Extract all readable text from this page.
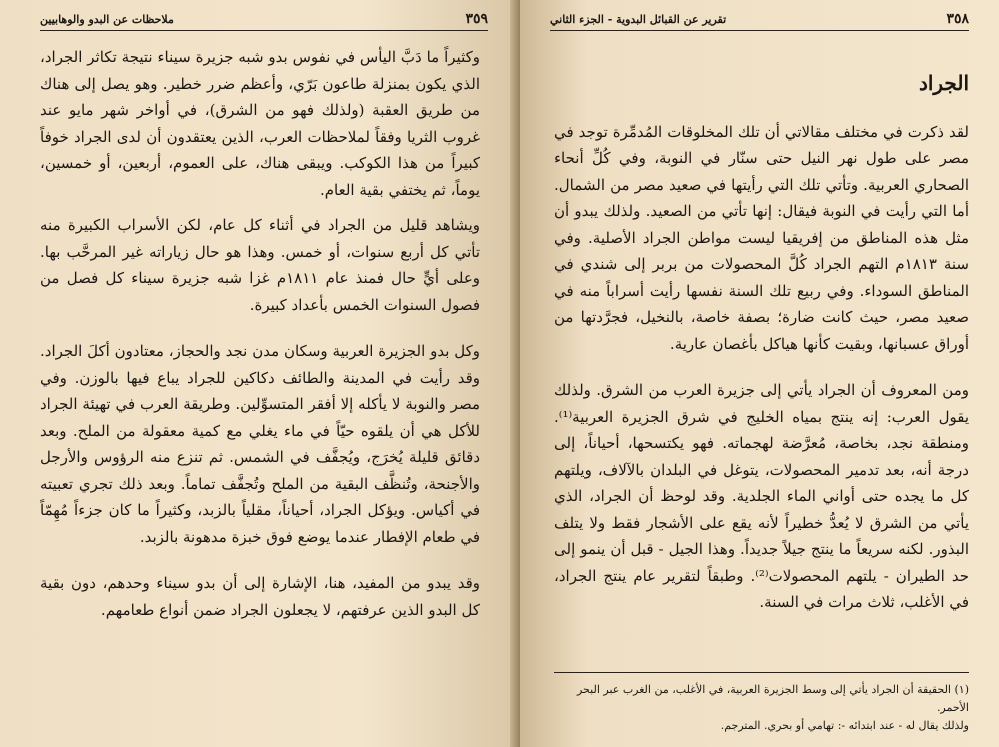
٣٥٩
ملاحظات عن البدو والوهابيين

وكثيراً ما دَبَّ اليأس في نفوس بدو شبه جزيرة سيناء نتيجة تكاثر الجراد، الذي يكون بمنزلة طاعون بَرّي، وأعظم ضرر خطير. وهو يصل إلى هناك من طريق العقبة (ولذلك فهو من الشرق)، في أواخر شهر مايو عند غروب الثريا وفقاً لملاحظات العرب، الذين يعتقدون أن لدى الجراد خوفاً كبيراً من هذا الكوكب. ويبقى هناك، على العموم، أربعين، أو خمسين، يوماً، ثم يختفي بقية العام.

ويشاهد قليل من الجراد في أثناء كل عام، لكن الأسراب الكبيرة منه تأتي كل أربع سنوات، أو خمس. وهذا هو حال زياراته غير المرحَّب بها. وعلى أيٍّ حال فمنذ عام ١٨١١م غزا شبه جزيرة سيناء كل فصل من فصول السنوات الخمس بأعداد كبيرة.

وكل بدو الجزيرة العربية وسكان مدن نجد والحجاز، معتادون أكلَ الجراد. وقد رأيت في المدينة والطائف دكاكين للجراد يباع فيها بالوزن. وفي مصر والنوبة لا يأكله إلا أفقر المتسوِّلين. وطريقة العرب في تهيئة الجراد للأكل هي أن يلقوه حيّاً في ماء يغلي مع كمية معقولة من الملح. وبعد دقائق قليلة يُخرَج، ويُجفَّف في الشمس. ثم تنزع منه الرؤوس والأرجل والأجنحة، وتُنظَّف البقية من الملح وتُجفَّف تماماً. وبعد ذلك تجري تعبيته في أكياس. ويؤكل الجراد، أحياناً، مقلياً بالزبد، وكثيراً ما كان جزءاً مُهِمّاً في طعام الإفطار عندما يوضع فوق خبزة مدهونة بالزبد.

وقد يبدو من المفيد، هنا، الإشارة إلى أن بدو سيناء وحدهم، دون بقية كل البدو الذين عرفتهم، لا يجعلون الجراد ضمن أنواع طعامهم.

٣٥٨
تقرير عن القبائل البدوية - الجزء الثاني
الجراد

لقد ذكرت في مختلف مقالاتي أن تلك المخلوقات المُدمِّرة توجد في مصر على طول نهر النيل حتى سنّار في النوبة، وفي كُلِّ أنحاء الصحاري العربية. وتأتي تلك التي رأيتها في صعيد مصر من الشمال. أما التي رأيت في النوبة فيقال: إنها تأتي من الصعيد. ولذلك يبدو أن مثل هذه المناطق من إفريقيا ليست مواطن الجراد الأصلية. وفي سنة ١٨١٣م التهم الجراد كُلَّ المحصولات من بربر إلى شندي في المناطق السوداء. وفي ربيع تلك السنة نفسها رأيت أسراباً منه في صعيد مصر، حيث كانت ضارة؛ بصفة خاصة، بالنخيل، فجرَّدتها من أوراق عسبانها، وبقيت كأنها هياكل بأغصان عارية.

ومن المعروف أن الجراد يأتي إلى جزيرة العرب من الشرق. ولذلك يقول العرب: إنه ينتج بمياه الخليج في شرق الجزيرة العربية⁽¹⁾. ومنطقة نجد، بخاصة، مُعرَّضة لهجماته. فهو يكتسحها، أحياناً، إلى درجة أنه، بعد تدمير المحصولات، يتوغل في البلدان بالآلاف، ويلتهم كل ما يجده حتى أواني الماء الجلدية. وقد لوحظ أن الجراد، الذي يأتي من الشرق لا يُعدُّ خطيراً لأنه يقع على الأشجار فقط ولا يتلف البذور. لكنه سريعاً ما ينتج جيلاً جديداً. وهذا الجيل - قبل أن ينمو إلى حد الطيران - يلتهم المحصولات⁽²⁾. وطبقاً لتقرير عام ينتج الجراد، في الأغلب، ثلاث مرات في السنة.

(١) الحقيقة أن الجراد يأتي إلى وسط الجزيرة العربية، في الأغلب، من الغرب عبر البحر الأحمر.

ولذلك يقال له - عند ابتدائه -: تهامي أو بحري. المترجم.
